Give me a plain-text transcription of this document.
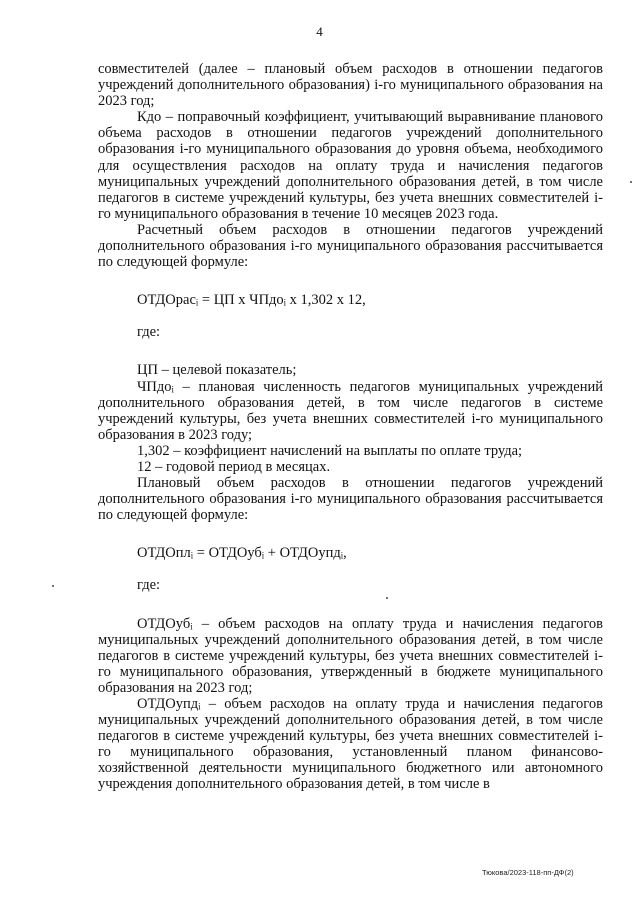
4

совместителей (далее – плановый объем расходов в отношении педагогов учреждений дополнительного образования) i-го муниципального образования на 2023 год;

Кдо – поправочный коэффициент, учитывающий выравнивание планового объема расходов в отношении педагогов учреждений дополнительного образования i-го муниципального образования до уровня объема, необходимого для осуществления расходов на оплату труда и начисления педагогов муниципальных учреждений дополнительного образования детей, в том числе педагогов в системе учреждений культуры, без учета внешних совместителей i-го муниципального образования в течение 10 месяцев 2023 года.

Расчетный объем расходов в отношении педагогов учреждений дополнительного образования i-го муниципального образования рассчитывается по следующей формуле:

ОТДОрасᵢ = ЦП х ЧПдоᵢ х 1,302 х 12,
где:

ЦП – целевой показатель;

ЧПдоᵢ – плановая численность педагогов муниципальных учреждений дополнительного образования детей, в том числе педагогов в системе учреждений культуры, без учета внешних совместителей i-го муниципального образования в 2023 году;

1,302 – коэффициент начислений на выплаты по оплате труда;

12 – годовой период в месяцах.

Плановый объем расходов в отношении педагогов учреждений дополнительного образования i-го муниципального образования рассчитывается по следующей формуле:

ОТДОплᵢ = ОТДОубᵢ + ОТДОупдᵢ,
где:

ОТДОубᵢ – объем расходов на оплату труда и начисления педагогов муниципальных учреждений дополнительного образования детей, в том числе педагогов в системе учреждений культуры, без учета внешних совместителей i-го муниципального образования, утвержденный в бюджете муниципального образования на 2023 год;

ОТДОупдᵢ – объем расходов на оплату труда и начисления педагогов муниципальных учреждений дополнительного образования детей, в том числе педагогов в системе учреждений культуры, без учета внешних совместителей i-го муниципального образования, установленный планом финансово-хозяйственной деятельности муниципального бюджетного или автономного учреждения дополнительного образования детей, в том числе в

Тюкова/2023-118-пп-ДФ(2)
